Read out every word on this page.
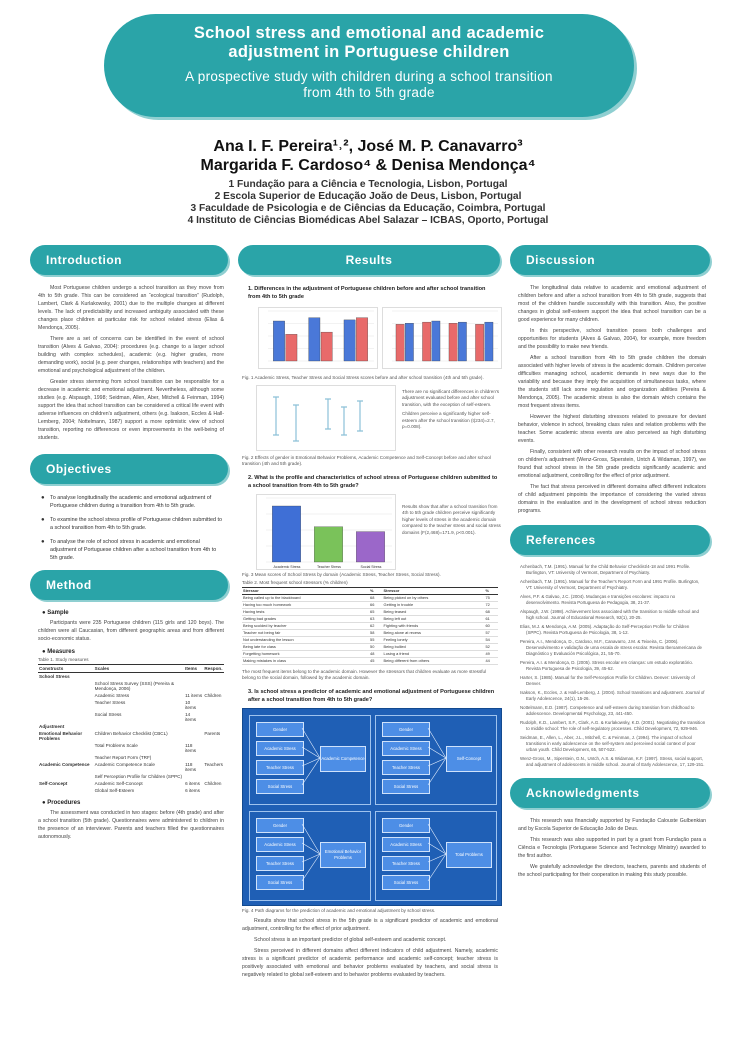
School stress and emotional and academic
adjustment in Portuguese children
A prospective study with children during a school transition
from 4th to 5th grade
Ana I. F. Pereira¹˒², José M. P. Canavarro³
Margarida F. Cardoso⁴ & Denisa Mendonça⁴
1 Fundação para a Ciência e Tecnologia, Lisbon, Portugal
2 Escola Superior de Educação João de Deus, Lisbon, Portugal
3 Faculdade de Psicologia e de Ciências da Educação, Coimbra, Portugal
4 Instituto de Ciências Biomédicas Abel Salazar – ICBAS, Oporto, Portugal
Introduction
Most Portuguese children undergo a school transition as they move from 4th to 5th grade. This can be considered an “ecological transition” (Rudolph, Lambert, Clark & Kurlakowsky, 2001) due to the multiple changes at different levels. The lack of predictability and increased ambiguity associated with these changes place children at particular risk for school related stress (Elias & Mendonça, 2005).
There are a set of concerns can be identified in the event of school transition (Alves & Galvao, 2004): procedures (e.g. change to a larger school building with complex schedules), academic (e.g. higher grades, more demanding work), social (e.g. peer changes, relationships with teachers) and the emotional and psychological adjustment of the children.
Greater stress stemming from school transition can be responsible for a decrease in academic and emotional adjustment. Nevertheless, although some studies (e.g. Alspaugh, 1998; Seidman, Allen, Aber, Mitchell & Feinman, 1994) support the idea that school transition can be considered a critical life event with adverse influences on children's adjustment, others (e.g. Isakson, Eccles & Hall-Lemberg, 2004; Nottelmann, 1987) support a more optimistic view of school transition, reporting no differences or even improvements in the well-being of students.
Objectives
● To analyse longitudinally the academic and emotional adjustment of Portuguese children during a transition from 4th to 5th grade.
● To examine the school stress profile of Portuguese children submitted to a school transition from 4th to 5th grade.
● To analyse the role of school stress in academic and emotional adjustment of Portuguese children after a school transition from 4th to 5th grade.
Method
● Sample
Participants were 235 Portuguese children (115 girls and 120 boys). The children were all Caucasian, from different geographic areas and from different socio-economic status.
● Measures
Table 1. Study measures
Constructs	Scales	Items	Respon.
School Stress			
	School Stress Survey (SSS) (Pereira & Mendonça, 2006)		
	Academic Stress	11 items	Children
	Teacher Stress	10 items	
	Social Stress	14 items	
Adjustment			
Emotional Behavior Problems	Children Behavior Checklist (CBCL)		Parents
	Total Problems Scale	118 items	
	Teacher Report Form (TRF)		
Academic Competence	Academic Competence Scale	118 items	Teachers
	Self Perception Profile for Children (SPPC)		
Self-Concept	Academic Self-Concept	6 items	Children
	Global Self-Esteem	6 items	
● Procedures
The assessment was conducted in two stages: before (4th grade) and after a school transition (5th grade). Questionnaires were administered to children in the presence of an interviewer. Parents and teachers filled the questionnaires autonomously.
Results
1. Differences in the adjustment of Portuguese children before and after school transition from 4th to 5th grade
Fig. 1 Academic Stress, Teacher Stress and Social Stress scores before and after school transition (4th and 5th grade).
There are no significant differences in children's adjustment evaluated before and after school transition, with the exception of self-esteem.
Children perceive a significantly higher self-esteem after the school transition (t(234)=2.7, p=0.008).
Fig. 2 Effects of gender in Emotional Behavior Problems, Academic Competence and Self-Concept before and after school transition (4th and 5th grade).
2. What is the profile and characteristics of school stress of Portuguese children submitted to a school transition from 4th to 5th grade?
Academic Stress	Teacher Stress	Social Stress
Results show that after a school transition from 4th to 5th grade children perceive significantly higher levels of stress in the academic domain compared to the teacher stress and social stress domains (F(2,468)=171.9, p<0.001).
Fig. 3 Mean scores of School Stress by domain (Academic Stress, Teacher Stress, Social Stress).
Table 2. Most frequent school stressors (% children)
Stressor	%	Stressor	%
Being called up to the blackboard	68	Being picked on by others	75
Having too much homework	66	Getting in trouble	72
Having tests	65	Being teased	68
Getting bad grades	63	Being left out	61
Being scolded by teacher	62	Fighting with friends	60
Teacher not being fair	58	Being alone at recess	57
Not understanding the lesson	55	Feeling lonely	54
Being late for class	50	Being bullied	52
Forgetting homework	48	Losing a friend	49
Making mistakes in class	45	Being different from others	44
The most frequent items belong to the academic domain. However the stressors that children evaluate as more stressful belong to the social domain, followed by the academic domain.
3. Is school stress a predictor of academic and emotional adjustment of Portuguese children after a school transition from 4th to 5th grade?
Gender
Academic Stress
Teacher Stress
Social Stress
Academic Competence
Gender
Academic Stress
Teacher Stress
Social Stress
Self-Concept
Gender
Academic Stress
Teacher Stress
Social Stress
Emotional Behavior Problems
Gender
Academic Stress
Teacher Stress
Social Stress
Total Problems
Fig. 4 Path diagrams for the prediction of academic and emotional adjustment by school stress.
Results show that school stress in the 5th grade is a significant predictor of academic and emotional adjustment, controlling for the effect of prior adjustment.
School stress is an important predictor of global self-esteem and academic concept.
Stress perceived in different domains affect different indicators of child adjustment. Namely, academic stress is a significant predictor of academic performance and academic self-concept; teacher stress is positively associated with emotional and behavior problems evaluated by teachers, and social stress is negatively related to global self-esteem and to behavior problems evaluated by teachers.
Discussion
The longitudinal data relative to academic and emotional adjustment of children before and after a school transition from 4th to 5th grade, suggests that most of the children handle successfully with this transition. Also, the positive changes in global self-esteem support the idea that school transition can be a good experience for many children.
In this perspective, school transition poses both challenges and opportunities for students (Alves & Galvao, 2004), for example, more freedom and the possibility to make new friends.
After a school transition from 4th to 5th grade children the domain associated with higher levels of stress is the academic domain. Children perceive difficulties managing school, academic demands in new ways due to the variability and because they imply the acquisition of simultaneous tasks, where the students still lack some regulation and organization abilities (Pereira & Mendonça, 2005). The academic stress is also the domain which contains the most frequent stress items.
However the highest disturbing stressors related to pressure for deviant behavior, violence in school, breaking class rules and relation problems with the teacher. Some academic stress events are also perceived as high disturbing events.
Finally, consistent with other research results on the impact of school stress on children's adjustment (Wenz-Gross, Siperstein, Untch & Widaman, 1997), we found that school stress in the 5th grade predicts significantly academic and emotional adjustment, controlling for the effect of prior adjustment.
The fact that stress perceived in different domains affect different indicators of child adjustment pinpoints the importance of considering the varied stress domains in the evaluation and in the development of school stress reduction programs.
References
Achenbach, T.M. (1991). Manual for the Child Behavior Checklist/4-18 and 1991 Profile. Burlington, VT: University of Vermont, Department of Psychiatry.
Achenbach, T.M. (1991). Manual for the Teacher's Report Form and 1991 Profile. Burlington, VT: University of Vermont, Department of Psychiatry.
Alves, P.F. & Galvao, J.C. (2004). Mudanças e transições escolares: impacto no desenvolvimento. Revista Portuguesa de Pedagogia, 38, 21-37.
Alspaugh, J.W. (1998). Achievement loss associated with the transition to middle school and high school. Journal of Educational Research, 92(1), 20-25.
Elias, M.J. & Mendonça, A.M. (2005). Adaptação do Self-Perception Profile for Children (SPPC). Revista Portuguesa de Psicologia, 38, 1-12.
Pereira, A.I., Mendonça, D., Cardoso, M.F., Canavarro, J.M. & Teixeira, C. (2006). Desenvolvimento e validação de uma escala de stress escolar. Revista Iberoamericana de Diagnóstico y Evaluación Psicológica, 21, 55-70.
Pereira, A.I. & Mendonça, D. (2005). Stress escolar em crianças: um estudo exploratório. Revista Portuguesa de Psicologia, 39, 45-62.
Harter, S. (1985). Manual for the Self-Perception Profile for Children. Denver: University of Denver.
Isakson, K., Eccles, J. & Hall-Lemberg, J. (2004). School transitions and adjustment. Journal of Early Adolescence, 24(1), 15-26.
Nottelmann, E.D. (1987). Competence and self-esteem during transition from childhood to adolescence. Developmental Psychology, 23, 441-450.
Rudolph, K.D., Lambert, S.F., Clark, A.G. & Kurlakowsky, K.D. (2001). Negotiating the transition to middle school: The role of self-regulatory processes. Child Development, 72, 929-946.
Seidman, E., Allen, L., Aber, J.L., Mitchell, C. & Feinman, J. (1994). The impact of school transitions in early adolescence on the self-system and perceived social context of poor urban youth. Child Development, 65, 507-522.
Wenz-Gross, M., Siperstein, G.N., Untch, A.S. & Widaman, K.F. (1997). Stress, social support, and adjustment of adolescents in middle school. Journal of Early Adolescence, 17, 129-151.
Acknowledgments
This research was financially supported by Fundação Calouste Gulbenkian and by Escola Superior de Educação João de Deus.
This research was also supported in part by a grant from Fundação para a Ciência e Tecnologia (Portuguese Science and Technology Ministry) awarded to the first author.
We gratefully acknowledge the directors, teachers, parents and students of the school participating for their cooperation in making this study possible.
